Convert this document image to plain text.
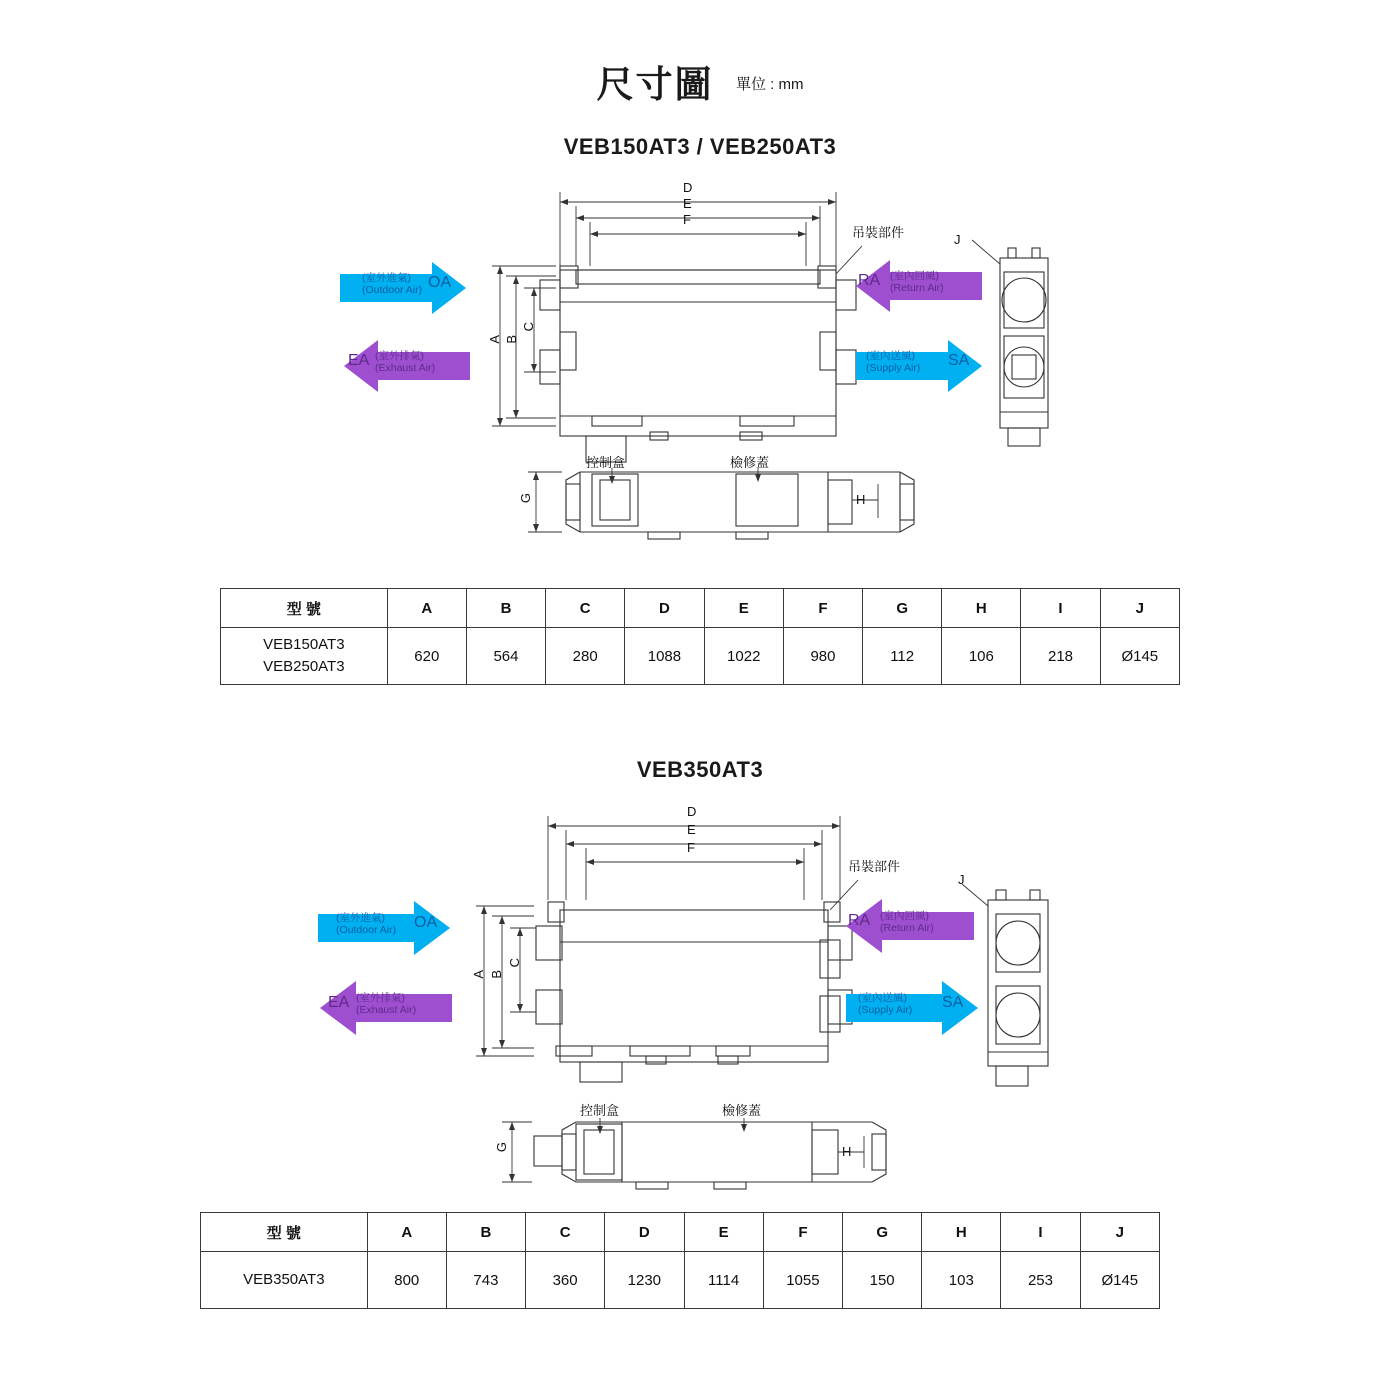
尺寸圖 單位 : mm
VEB150AT3 / VEB250AT3
D
E
F
A B
C
G	H
J
吊裝部件
控制盒	檢修蓋
(室外進氣)
(Outdoor Air) OA
(室外排氣)
(Exhaust Air)
EA
(室內回風)
(Return Air)
RA
(室內送風)
(Supply Air) SA
型 號	A	B	C	D	E	F	G	H	I	J

VEB150AT3
VEB250AT3	620	564	280	1088	1022	980	112	106	218	Ø145
VEB350AT3
D
E
F
A B
C
G	H
J
吊裝部件
控制盒	檢修蓋
(室外進氣)
(Outdoor Air) OA
(室外排氣)
(Exhaust Air)
EA
(室內回風)
(Return Air)
RA
(室內送風)
(Supply Air) SA
型 號	A	B	C	D	E	F	G	H	I	J
VEB350AT3	800	743	360	1230	1114	1055	150	103	253	Ø145
